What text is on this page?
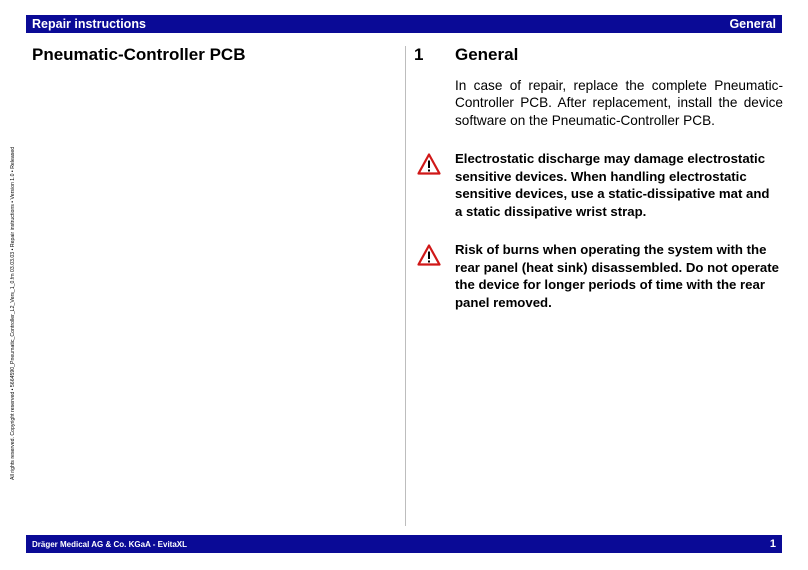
Repair instructions	General
All rights reserved. Copyright reserved • 5664590_Pneumatic_Controller_L2_Vers_1_0.fm 03.03.03 • Repair instructions • Version 1.0 • Released
Pneumatic-Controller PCB	1 General
In case of repair, replace the complete Pneumatic-Controller PCB. After replacement, install the device software on the Pneumatic-Controller PCB.
Electrostatic discharge may damage electrostatic sensitive devices. When handling electrostatic sensitive devices, use a static-dissipative mat and a static dissipative wrist strap.
Risk of burns when operating the system with the rear panel (heat sink) disassembled. Do not operate the device for longer periods of time with the rear panel removed.
Dräger Medical AG & Co. KGaA - EvitaXL	1
